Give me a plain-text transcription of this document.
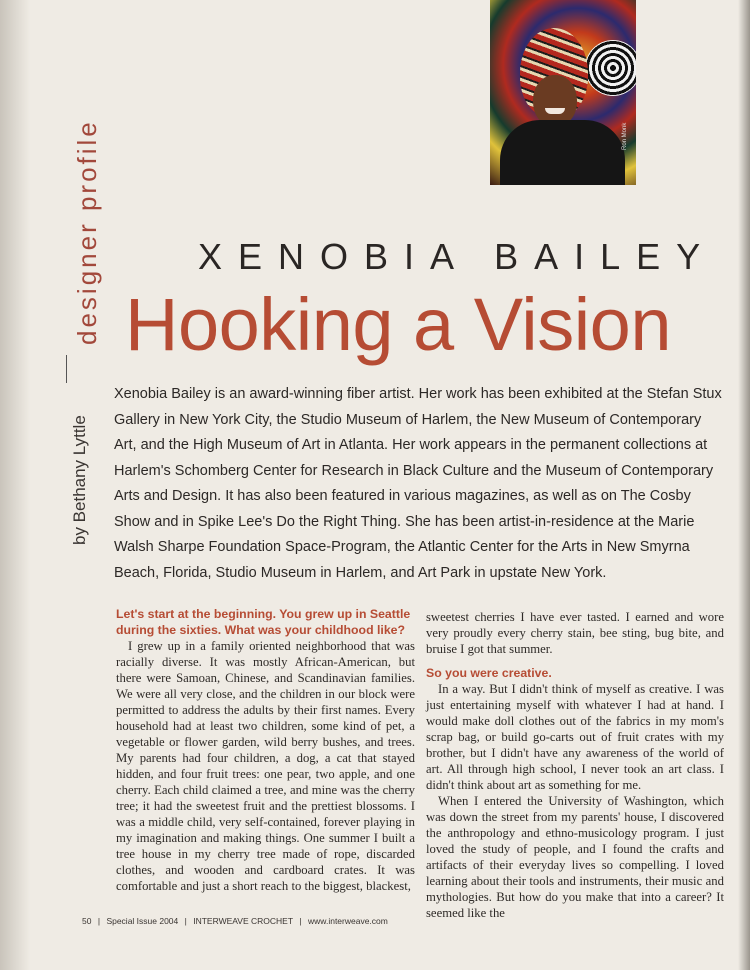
Ron Monk
designer profile
by Bethany Lyttle
XENOBIA BAILEY
Hooking a Vision
Xenobia Bailey is an award-winning fiber artist. Her work has been exhibited at the Stefan Stux Gallery in New York City, the Studio Museum of Harlem, the New Museum of Contemporary Art, and the High Museum of Art in Atlanta. Her work appears in the permanent collections at Harlem's Schomberg Center for Research in Black Culture and the Museum of Contemporary Arts and Design. It has also been featured in various magazines, as well as on The Cosby Show and in Spike Lee's Do the Right Thing. She has been artist-in-residence at the Marie Walsh Sharpe Foundation Space-Program, the Atlantic Center for the Arts in New Smyrna Beach, Florida, Studio Museum in Harlem, and Art Park in upstate New York.

Let's start at the beginning. You grew up in Seattle during the sixties. What was your childhood like?

I grew up in a family oriented neighborhood that was racially diverse. It was mostly African-American, but there were Samoan, Chinese, and Scandinavian families. We were all very close, and the children in our block were permitted to address the adults by their first names. Every household had at least two children, some kind of pet, a vegetable or flower garden, wild berry bushes, and trees. My parents had four children, a dog, a cat that stayed hidden, and four fruit trees: one pear, two apple, and one cherry. Each child claimed a tree, and mine was the cherry tree; it had the sweetest fruit and the prettiest blossoms. I was a middle child, very self-contained, forever playing in my imagination and making things. One summer I built a tree house in my cherry tree made of rope, discarded clothes, and wooden and cardboard crates. It was comfortable and just a short reach to the biggest, blackest,

sweetest cherries I have ever tasted. I earned and wore very proudly every cherry stain, bee sting, bug bite, and bruise I got that summer.

So you were creative.

In a way. But I didn't think of myself as creative. I was just entertaining myself with whatever I had at hand. I would make doll clothes out of the fabrics in my mom's scrap bag, or build go-carts out of fruit crates with my brother, but I didn't have any awareness of the world of art. All through high school, I never took an art class. I didn't think about art as something for me.

When I entered the University of Washington, which was down the street from my parents' house, I discovered the anthropology and ethno-musicology program. I just loved the study of people, and I found the crafts and artifacts of their everyday lives so compelling. I loved learning about their tools and instruments, their music and mythologies. But how do you make that into a career? It seemed like the

50 | Special Issue 2004 | INTERWEAVE CROCHET | www.interweave.com
